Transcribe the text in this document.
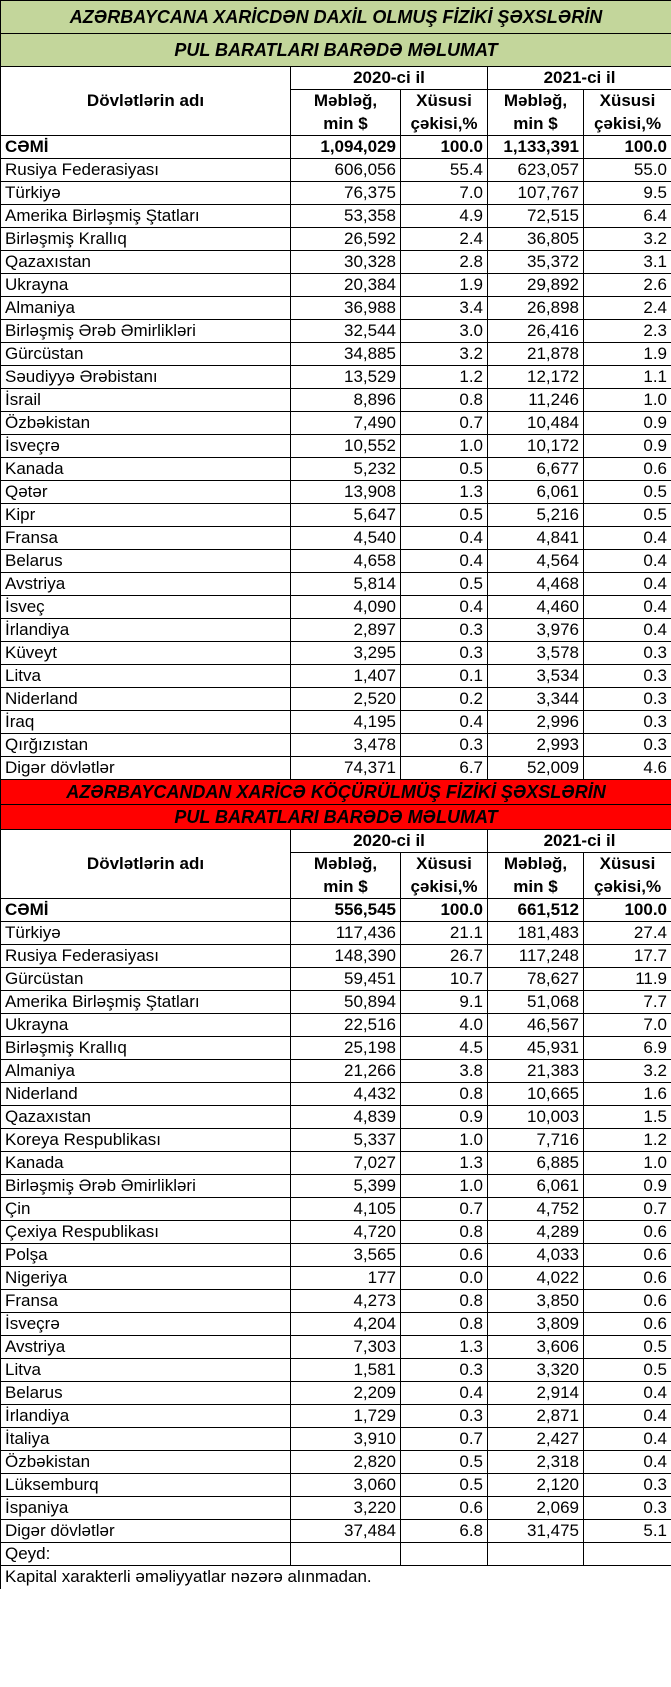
AZƏRBAYCANA XARİCDƏN DAXİL OLMUŞ FİZİKİ ŞƏXSLƏRİN				
PUL BARATLARI BARƏDƏ MƏLUMAT				
Dövlətlərin adı	2020-ci il		2021-ci il	
	Məbləğ,	Xüsusi	Məbləğ,	Xüsusi
	min $	çəkisi,%	min $	çəkisi,%
CƏMİ	1,094,029	100.0	1,133,391	100.0
Rusiya Federasiyası	606,056	55.4	623,057	55.0
Türkiyə	76,375	7.0	107,767	9.5
Amerika Birləşmiş Ştatları	53,358	4.9	72,515	6.4
Birləşmiş Krallıq	26,592	2.4	36,805	3.2
Qazaxıstan	30,328	2.8	35,372	3.1
Ukrayna	20,384	1.9	29,892	2.6
Almaniya	36,988	3.4	26,898	2.4
Birləşmiş Ərəb Əmirlikləri	32,544	3.0	26,416	2.3
Gürcüstan	34,885	3.2	21,878	1.9
Səudiyyə Ərəbistanı	13,529	1.2	12,172	1.1
İsrail	8,896	0.8	11,246	1.0
Özbəkistan	7,490	0.7	10,484	0.9
İsveçrə	10,552	1.0	10,172	0.9
Kanada	5,232	0.5	6,677	0.6
Qətər	13,908	1.3	6,061	0.5
Kipr	5,647	0.5	5,216	0.5
Fransa	4,540	0.4	4,841	0.4
Belarus	4,658	0.4	4,564	0.4
Avstriya	5,814	0.5	4,468	0.4
İsveç	4,090	0.4	4,460	0.4
İrlandiya	2,897	0.3	3,976	0.4
Küveyt	3,295	0.3	3,578	0.3
Litva	1,407	0.1	3,534	0.3
Niderland	2,520	0.2	3,344	0.3
İraq	4,195	0.4	2,996	0.3
Qırğızıstan	3,478	0.3	2,993	0.3
Digər dövlətlər	74,371	6.7	52,009	4.6
AZƏRBAYCANDAN XARİCƏ KÖÇÜRÜLMÜŞ FİZİKİ ŞƏXSLƏRİN				
PUL BARATLARI BARƏDƏ MƏLUMAT				
Dövlətlərin adı	2020-ci il		2021-ci il	
	Məbləğ,	Xüsusi	Məbləğ,	Xüsusi
	min $	çəkisi,%	min $	çəkisi,%
CƏMİ	556,545	100.0	661,512	100.0
Türkiyə	117,436	21.1	181,483	27.4
Rusiya Federasiyası	148,390	26.7	117,248	17.7
Gürcüstan	59,451	10.7	78,627	11.9
Amerika Birləşmiş Ştatları	50,894	9.1	51,068	7.7
Ukrayna	22,516	4.0	46,567	7.0
Birləşmiş Krallıq	25,198	4.5	45,931	6.9
Almaniya	21,266	3.8	21,383	3.2
Niderland	4,432	0.8	10,665	1.6
Qazaxıstan	4,839	0.9	10,003	1.5
Koreya Respublikası	5,337	1.0	7,716	1.2
Kanada	7,027	1.3	6,885	1.0
Birləşmiş Ərəb Əmirlikləri	5,399	1.0	6,061	0.9
Çin	4,105	0.7	4,752	0.7
Çexiya Respublikası	4,720	0.8	4,289	0.6
Polşa	3,565	0.6	4,033	0.6
Nigeriya	177	0.0	4,022	0.6
Fransa	4,273	0.8	3,850	0.6
İsveçrə	4,204	0.8	3,809	0.6
Avstriya	7,303	1.3	3,606	0.5
Litva	1,581	0.3	3,320	0.5
Belarus	2,209	0.4	2,914	0.4
İrlandiya	1,729	0.3	2,871	0.4
İtaliya	3,910	0.7	2,427	0.4
Özbəkistan	2,820	0.5	2,318	0.4
Lüksemburq	3,060	0.5	2,120	0.3
İspaniya	3,220	0.6	2,069	0.3
Digər dövlətlər	37,484	6.8	31,475	5.1
Qeyd:				
Kapital xarakterli əməliyyatlar nəzərə alınmadan.				
